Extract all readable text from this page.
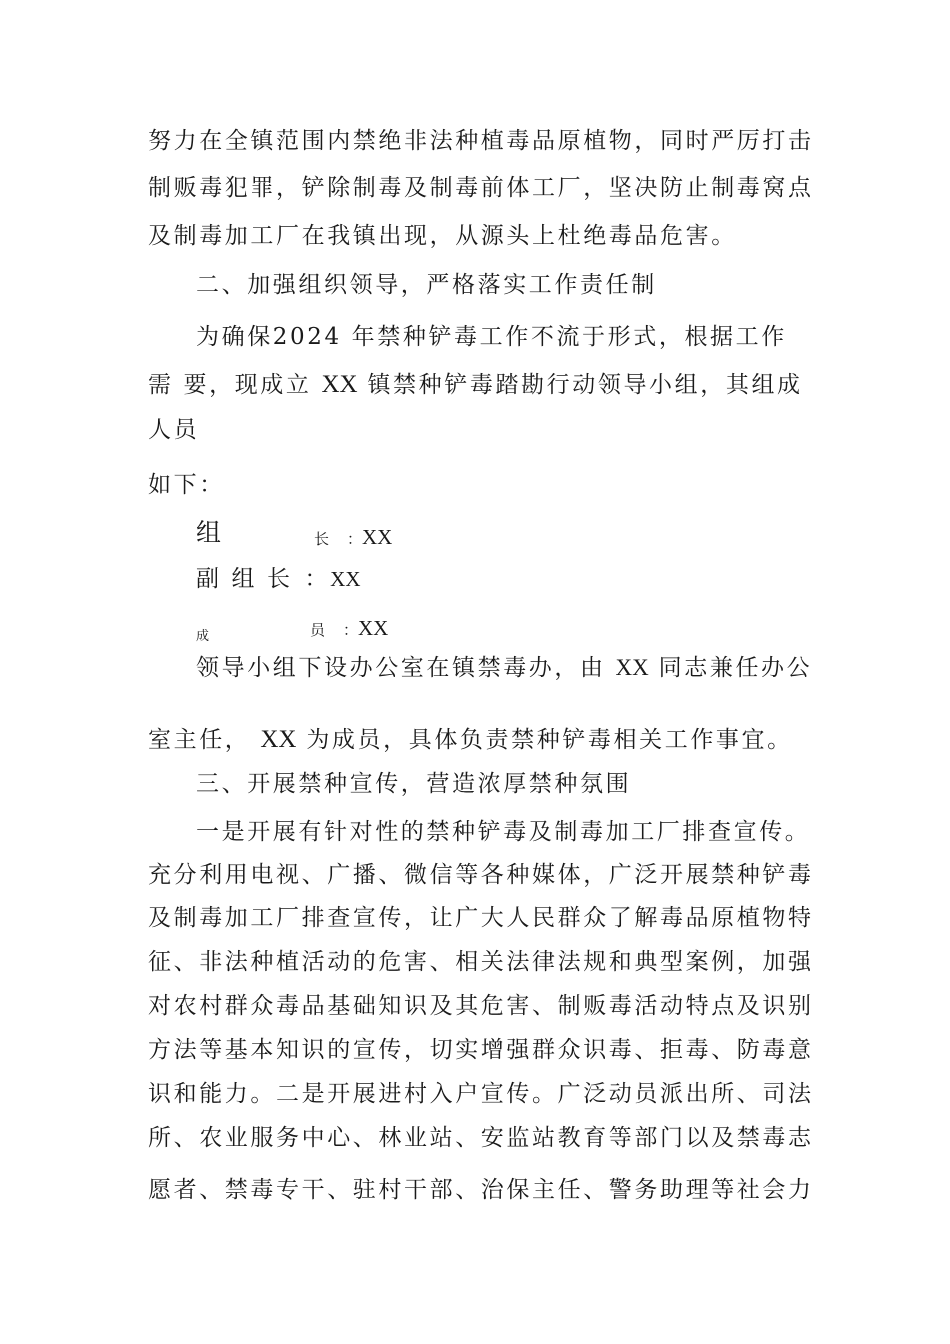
努力在全镇范围内禁绝非法种植毒品原植物，同时严厉打击
制贩毒犯罪，铲除制毒及制毒前体工厂，坚决防止制毒窝点
及制毒加工厂在我镇出现，从源头上杜绝毒品危害。
二、加强组织领导，严格落实工作责任制
为确保2024 年禁种铲毒工作不流于形式，根据工作
需 要，现成立 XX 镇禁种铲毒踏勘行动领导小组，其组成
人员
如下：
组	长 ：XX
副 组 长 ：XX
成	员 ：XX
领导小组下设办公室在镇禁毒办，由 XX 同志兼任办公
室主任， XX 为成员，具体负责禁种铲毒相关工作事宜。
三、开展禁种宣传，营造浓厚禁种氛围
一是开展有针对性的禁种铲毒及制毒加工厂排查宣传。
充分利用电视、广播、微信等各种媒体，广泛开展禁种铲毒
及制毒加工厂排查宣传，让广大人民群众了解毒品原植物特
征、非法种植活动的危害、相关法律法规和典型案例，加强
对农村群众毒品基础知识及其危害、制贩毒活动特点及识别
方法等基本知识的宣传，切实增强群众识毒、拒毒、防毒意
识和能力。二是开展进村入户宣传。广泛动员派出所、司法
所、农业服务中心、林业站、安监站教育等部门以及禁毒志
愿者、禁毒专干、驻村干部、治保主任、警务助理等社会力
